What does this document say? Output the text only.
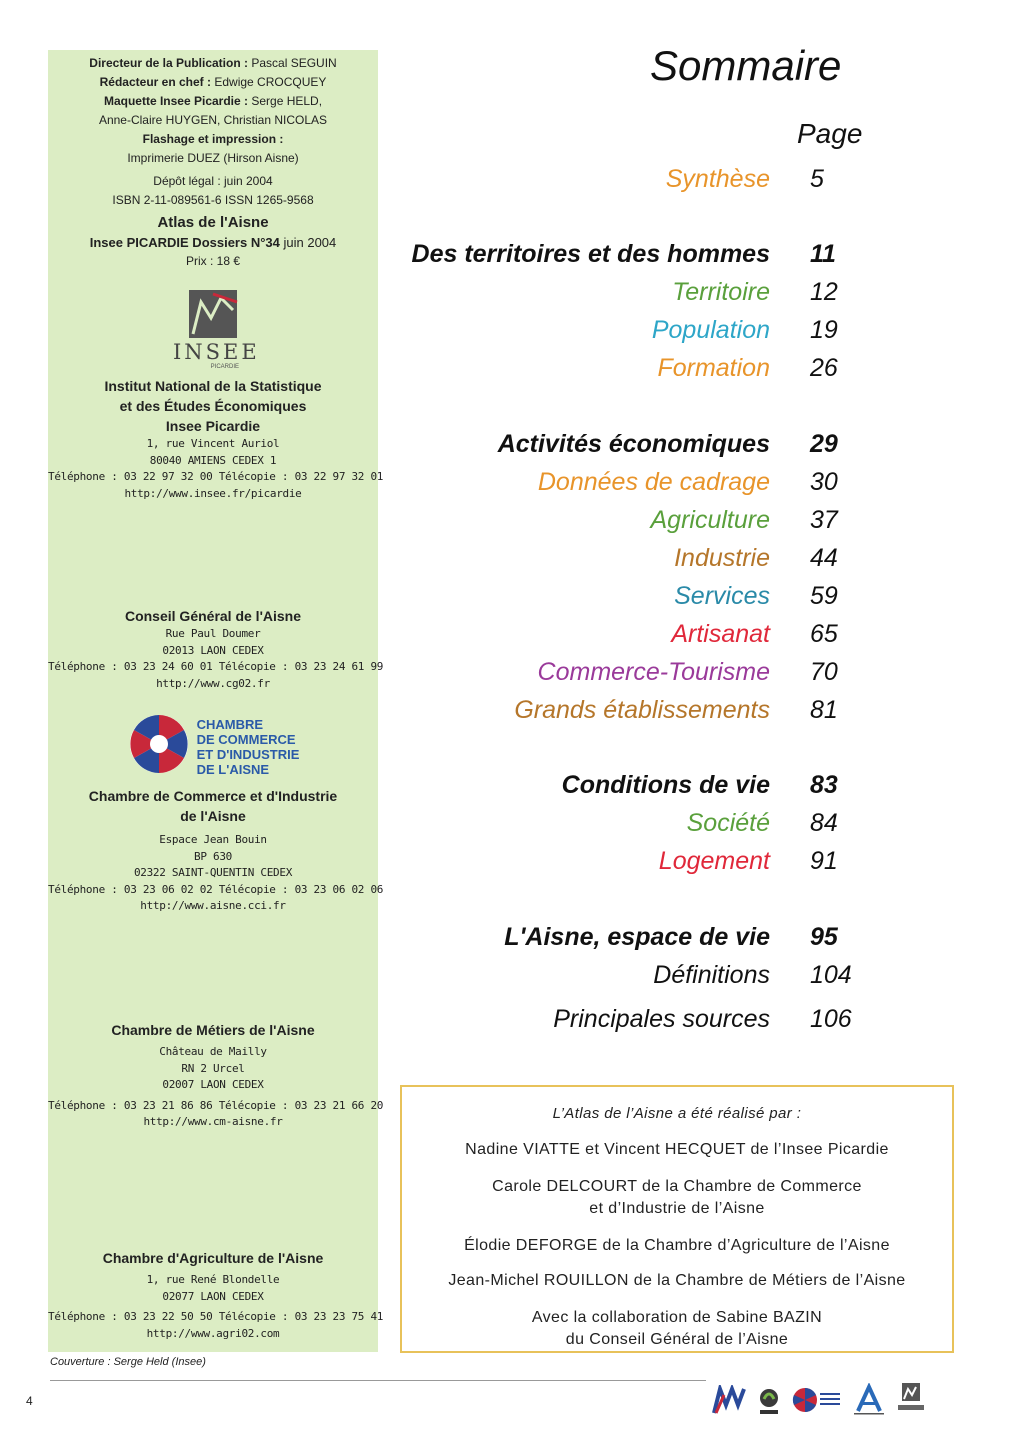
Directeur de la Publication : Pascal SEGUIN
Rédacteur en chef : Edwige CROCQUEY
Maquette Insee Picardie : Serge HELD,
Anne-Claire HUYGEN, Christian NICOLAS
Flashage et impression :
Imprimerie DUEZ (Hirson Aisne)
Dépôt légal : juin 2004
ISBN 2-11-089561-6 ISSN 1265-9568
Atlas de l'Aisne
Insee PICARDIE Dossiers N°34 juin 2004
Prix : 18 €
INSEE
PICARDIE
Institut National de la Statistique
et des Études Économiques
Insee Picardie
1, rue Vincent Auriol
80040 AMIENS CEDEX 1
Téléphone : 03 22 97 32 00 Télécopie : 03 22 97 32 01
http://www.insee.fr/picardie
Conseil Général de l'Aisne
Rue Paul Doumer
02013 LAON CEDEX
Téléphone : 03 23 24 60 01 Télécopie : 03 23 24 61 99
http://www.cg02.fr
CHAMBRE
DE COMMERCE
ET D'INDUSTRIE
DE L'AISNE
Chambre de Commerce et d'Industrie
de l'Aisne
Espace Jean Bouin
BP 630
02322 SAINT-QUENTIN CEDEX
Téléphone : 03 23 06 02 02 Télécopie : 03 23 06 02 06
http://www.aisne.cci.fr
Chambre de Métiers de l'Aisne
Château de Mailly
RN 2 Urcel
02007 LAON CEDEX
Téléphone : 03 23 21 86 86 Télécopie : 03 23 21 66 20
http://www.cm-aisne.fr
Chambre d'Agriculture de l'Aisne
1, rue René Blondelle
02077 LAON CEDEX
Téléphone : 03 23 22 50 50 Télécopie : 03 23 23 75 41
http://www.agri02.com
Couverture : Serge Held (Insee)
4
Sommaire
Page
Synthèse 5
Des territoires et des hommes 11
Territoire 12
Population 19
Formation 26
Activités économiques 29
Données de cadrage 30
Agriculture 37
Industrie 44
Services 59
Artisanat 65
Commerce-Tourisme 70
Grands établissements 81
Conditions de vie 83
Société 84
Logement 91
L'Aisne, espace de vie 95
Définitions 104
Principales sources 106
L’Atlas de l’Aisne a été réalisé par :
Nadine VIATTE et Vincent HECQUET de l’Insee Picardie
Carole DELCOURT de la Chambre de Commerce
et d’Industrie de l’Aisne
Élodie DEFORGE de la Chambre d’Agriculture de l’Aisne
Jean-Michel ROUILLON de la Chambre de Métiers de l’Aisne
Avec la collaboration de Sabine BAZIN
du Conseil Général de l’Aisne
